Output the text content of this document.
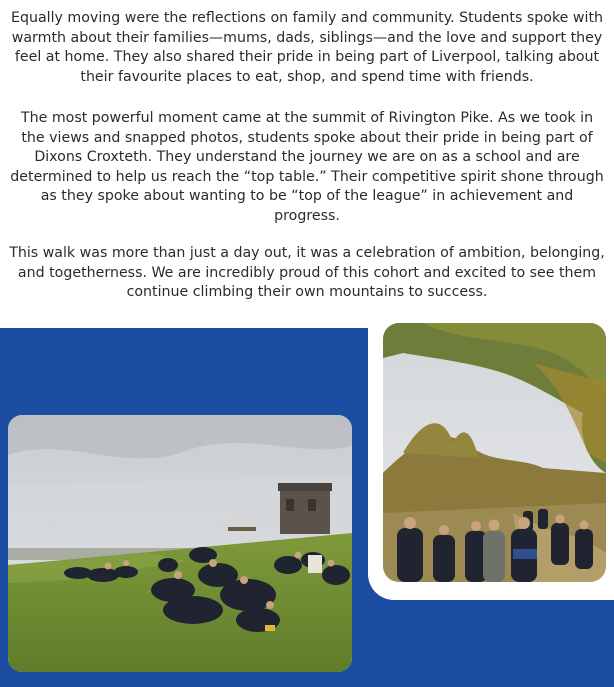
Equally moving were the reflections on family and community. Students spoke with warmth about their families—mums, dads, siblings—and the love and support they feel at home. They also shared their pride in being part of Liverpool, talking about their favourite places to eat, shop, and spend time with friends.

The most powerful moment came at the summit of Rivington Pike. As we took in the views and snapped photos, students spoke about their pride in being part of Dixons Croxteth. They understand the journey we are on as a school and are determined to help us reach the “top table.” Their competitive spirit shone through as they spoke about wanting to be “top of the league” in achievement and progress.

This walk was more than just a day out, it was a celebration of ambition, belonging, and togetherness. We are incredibly proud of this cohort and excited to see them continue climbing their own mountains to success.
